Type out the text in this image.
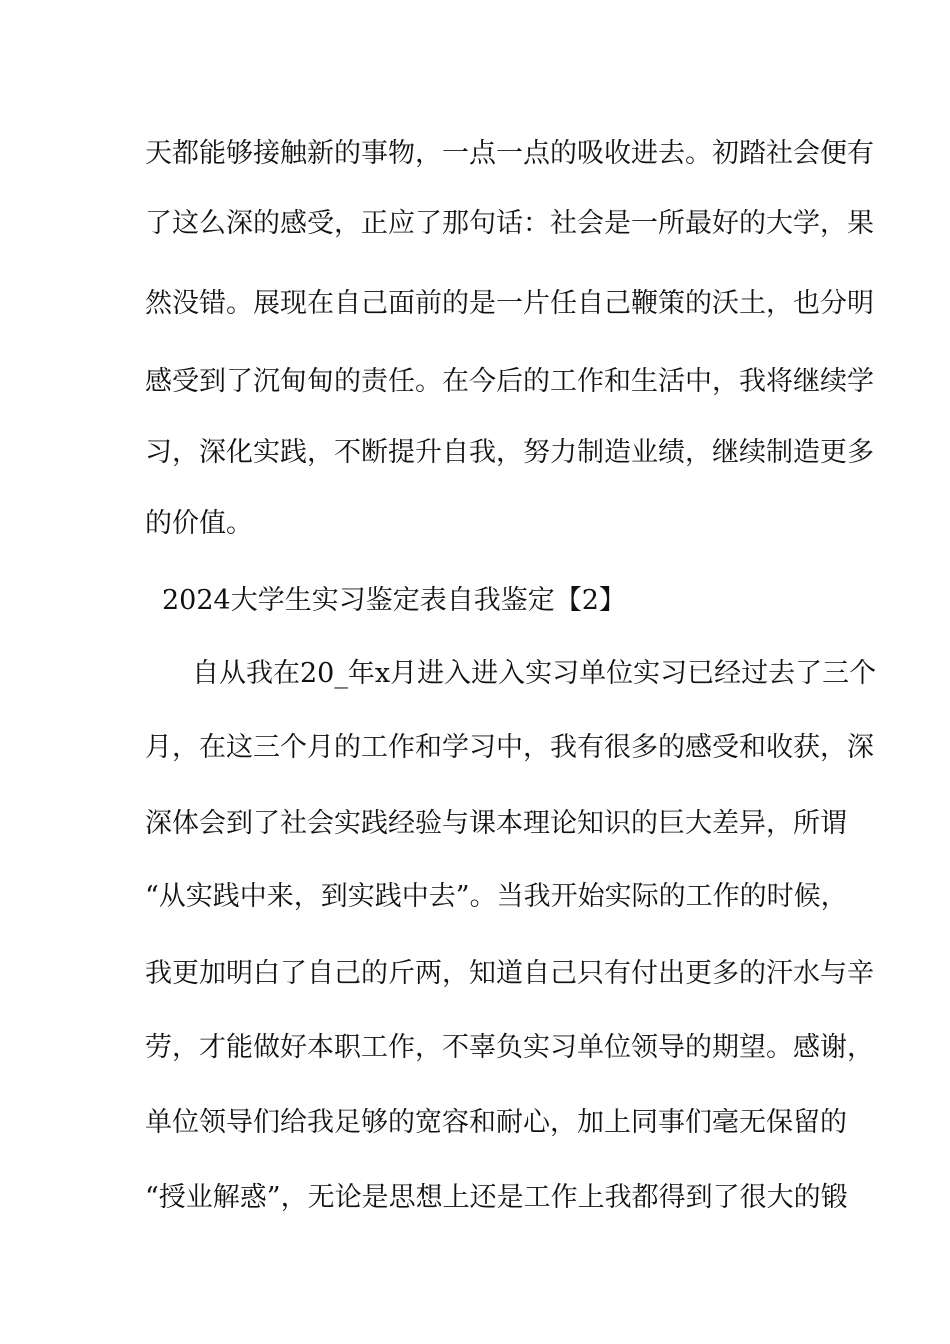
天都能够接触新的事物，一点一点的吸收进去。初踏社会便有
了这么深的感受，正应了那句话：社会是一所最好的大学，果
然没错。展现在自己面前的是一片任自己鞭策的沃土，也分明
感受到了沉甸甸的责任。在今后的工作和生活中，我将继续学
习，深化实践，不断提升自我，努力制造业绩，继续制造更多
的价值。
2024大学生实习鉴定表自我鉴定【2】
自从我在20_年x月进入进入实习单位实习已经过去了三个
月，在这三个月的工作和学习中，我有很多的感受和收获，深
深体会到了社会实践经验与课本理论知识的巨大差异，所谓
“从实践中来，到实践中去”。当我开始实际的工作的时候，
我更加明白了自己的斤两，知道自己只有付出更多的汗水与辛
劳，才能做好本职工作，不辜负实习单位领导的期望。感谢，
单位领导们给我足够的宽容和耐心，加上同事们毫无保留的
“授业解惑”，无论是思想上还是工作上我都得到了很大的锻
